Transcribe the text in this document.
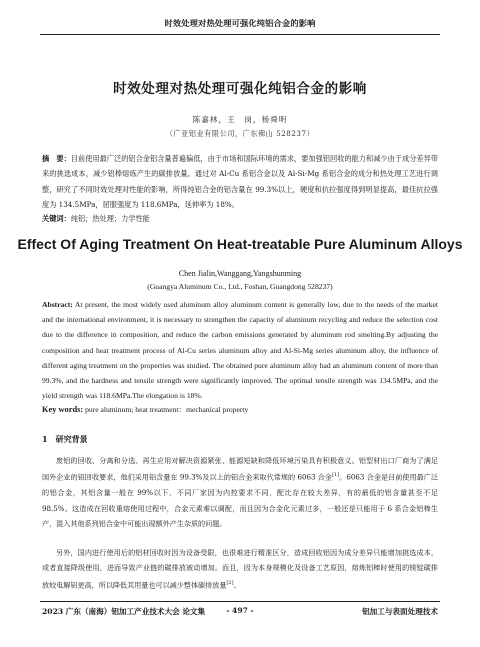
时效处理对热处理可强化纯铝合金的影响
时效处理对热处理可强化纯铝合金的影响
陈嘉林，王　岗，杨舜明
（广亚铝业有限公司，广东佛山 528237）
摘　要：目前使用最广泛的铝合金铝含量普遍偏低，由于市场和国际环境的需求，要加强铝回收的能力和减少由于成分差异带来的挑选成本，减少铝棒熔炼产生的碳排放量。通过对 Al-Cu 系铝合金以及 Al-Si-Mg 系铝合金的成分和热处理工艺进行调整，研究了不同时效处理对性能的影响，所得纯铝合金的铝含量在 99.3%以上，硬度和抗拉强度得到明显提高，最佳抗拉强度为 134.5MPa，屈服强度为 118.6MPa，延伸率为 18%。
关键词：纯铝；热处理；力学性能
Effect Of Aging Treatment On Heat-treatable Pure Aluminum Alloys
Chen Jialin,Wanggang,Yangshunming
(Guangya Aluminum Co., Ltd., Foshan, Guangdong 528237)
Abstract: At present, the most widely used aluminum alloy aluminum content is generally low, due to the needs of the market and the international environment, it is necessary to strengthen the capacity of aluminum recycling and reduce the selection cost due to the difference in composition, and reduce the carbon emissions generated by aluminum rod smelting.By adjusting the composition and heat treatment process of Al-Cu series aluminum alloy and Al-Si-Mg series aluminum alloy, the influence of different aging treatment on the properties was studied. The obtained pure aluminum alloy had an aluminum content of more than 99.3%, and the hardness and tensile strength were significantly improved. The optimal tensile strength was 134.5MPa, and the yield strength was 118.6MPa.The elongation is 18%.
Key words: pure aluminum; heat treatment：mechanical property
1　研究背景
废铝的回收、分离和分选、再生应用对解决资源紧张、能源短缺和降低环境污染具有积极意义。铝型材出口厂商为了满足国外企业的铝回收要求，他们采用铝含量在 99.3%及以上的铝合金来取代常规的 6063 合金[1]。6063 合金是目前使用最广泛的铝合金，其铝含量一般在 99%以下，不同厂家因为内控要求不同，配比存在较大差异，有的最低的铝含量甚至不足 98.5%。这造成在回收重熔使用过程中，合金元素难以调配，而且因为合金化元素过多，一般还是只能用于 6 系合金铝棒生产，混入其他系列铝合金中可能出现额外产生杂质的问题。
另外，国内进行使用后的铝材回收时因为设备受限，也很难进行精准区分，造成回收铝因为成分差异只能增加挑选成本，或者直接降级使用，进而导致产业链的碳排放被动增加。而且，因为本身规模化及设备工艺原因，熔炼铝棒时使用的镁锭碳排放较电解铝更高，所以降低其用量也可以减少整体碳排放量[2]。
2023 广东（南海）铝加工产业技术大会 论文集	- 497 -	铝加工与表面处理技术
